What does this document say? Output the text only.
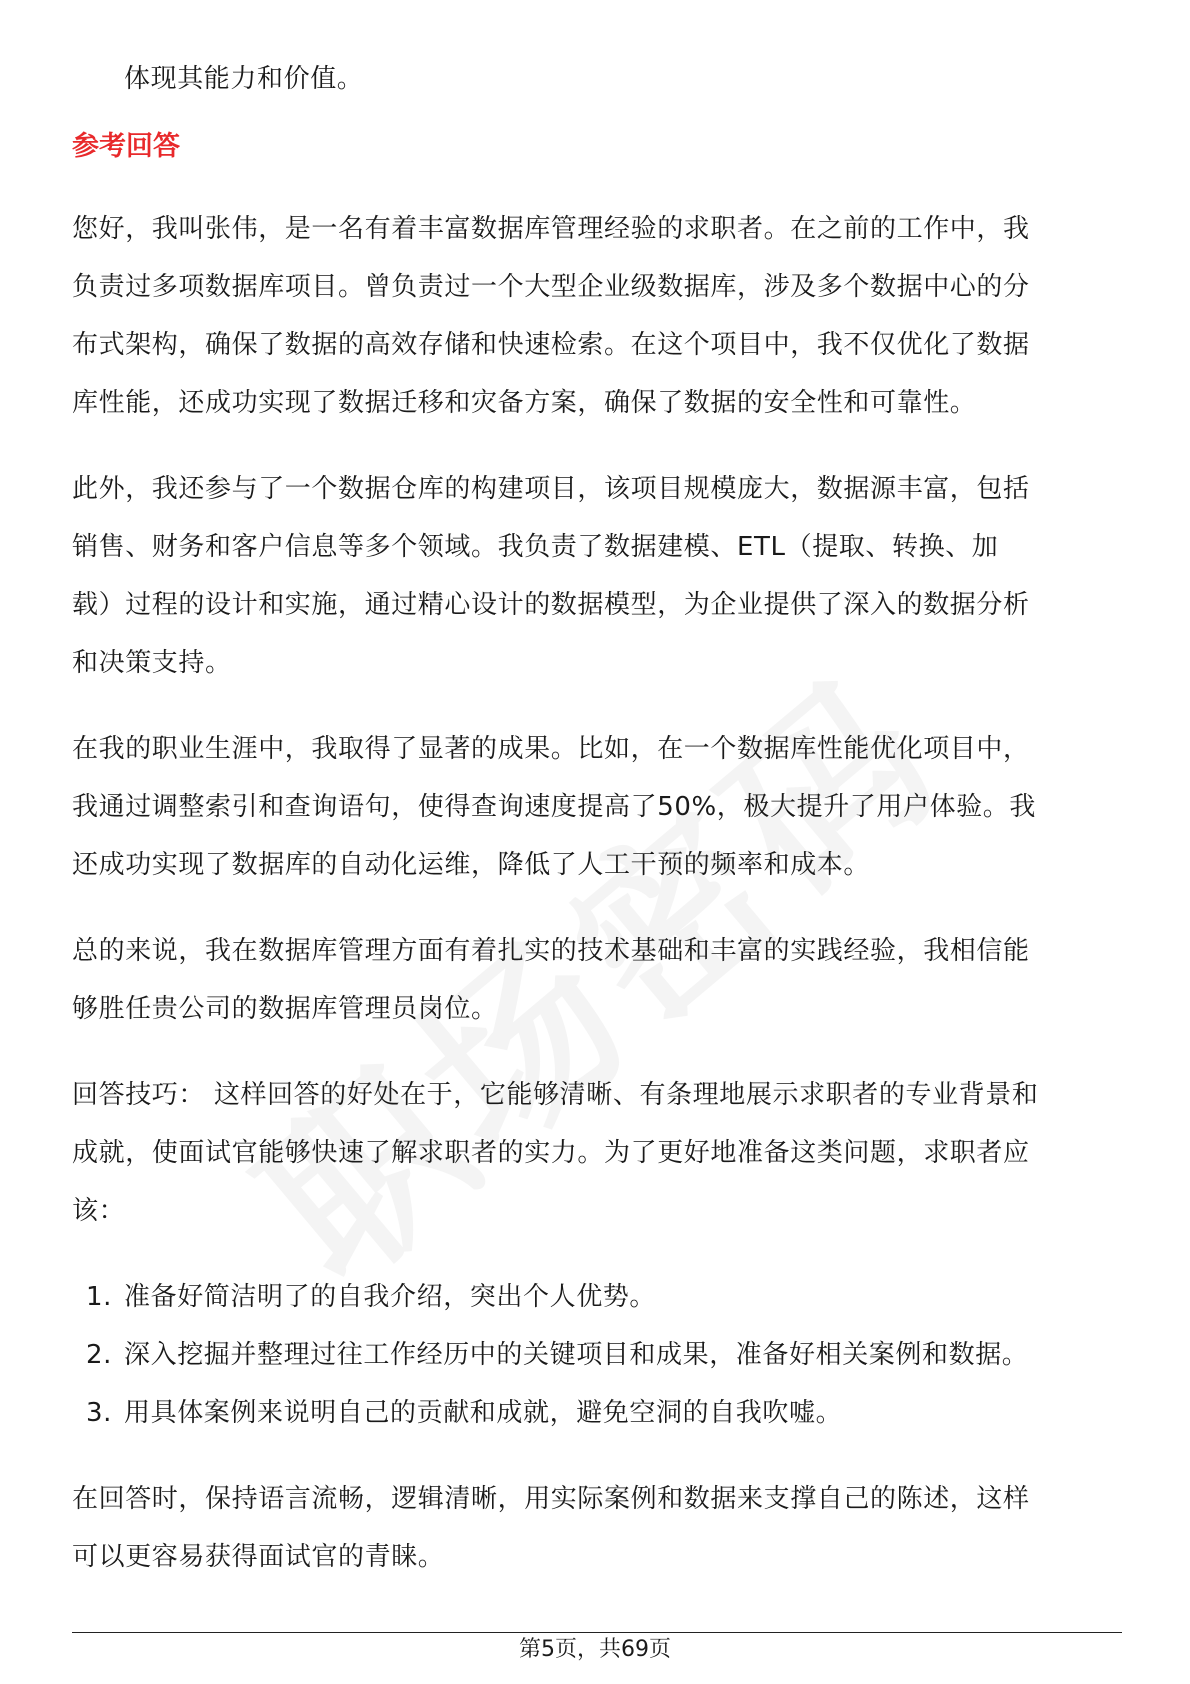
体现其能力和价值。
参考回答
您好，我叫张伟，是一名有着丰富数据库管理经验的求职者。在之前的工作中，我
负责过多项数据库项目。曾负责过一个大型企业级数据库，涉及多个数据中心的分
布式架构，确保了数据的高效存储和快速检索。在这个项目中，我不仅优化了数据
库性能，还成功实现了数据迁移和灾备方案，确保了数据的安全性和可靠性。
此外，我还参与了一个数据仓库的构建项目，该项目规模庞大，数据源丰富，包括
销售、财务和客户信息等多个领域。我负责了数据建模、ETL（提取、转换、加
载）过程的设计和实施，通过精心设计的数据模型，为企业提供了深入的数据分析
和决策支持。
在我的职业生涯中，我取得了显著的成果。比如，在一个数据库性能优化项目中，
我通过调整索引和查询语句，使得查询速度提高了50%，极大提升了用户体验。我
还成功实现了数据库的自动化运维，降低了人工干预的频率和成本。
总的来说，我在数据库管理方面有着扎实的技术基础和丰富的实践经验，我相信能
够胜任贵公司的数据库管理员岗位。
回答技巧： 这样回答的好处在于，它能够清晰、有条理地展示求职者的专业背景和
成就，使面试官能够快速了解求职者的实力。为了更好地准备这类问题，求职者应
该：
1. 准备好简洁明了的自我介绍，突出个人优势。
2. 深入挖掘并整理过往工作经历中的关键项目和成果，准备好相关案例和数据。
3. 用具体案例来说明自己的贡献和成就，避免空洞的自我吹嘘。
在回答时，保持语言流畅，逻辑清晰，用实际案例和数据来支撑自己的陈述，这样
可以更容易获得面试官的青睐。
第5页，共69页
